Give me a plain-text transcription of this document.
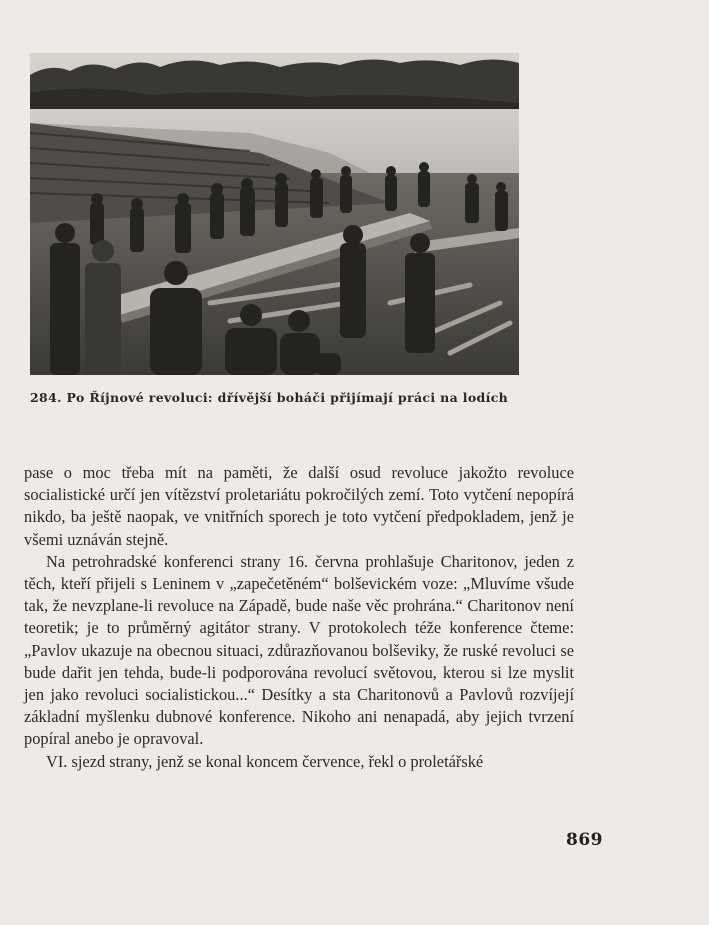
284. Po Říjnové revoluci: dřívější boháči přijímají práci na lodích

pase o moc třeba mít na paměti, že další osud revoluce jakožto revoluce socialistické určí jen vítězství proletariátu pokročilých zemí. Toto vytčení nepopírá nikdo, ba ještě naopak, ve vnitřních sporech je toto vytčení předpokladem, jenž je všemi uznáván stejně.

Na petrohradské konferenci strany 16. června prohlašuje Charitonov, jeden z těch, kteří přijeli s Leninem v „zapečetěném“ bolševickém voze: „Mluvíme všude tak, že nevzplane-li revoluce na Západě, bude naše věc prohrána.“ Charitonov není teoretik; je to průměrný agitátor strany. V protokolech téže konference čteme: „Pavlov ukazuje na obecnou situaci, zdůrazňovanou bolševiky, že ruské revoluci se bude dařit jen tehda, bude-li podporována revolucí světovou, kterou si lze myslit jen jako revoluci socialistickou...“ Desítky a sta Charitonovů a Pavlovů rozvíjejí základní myšlenku dubnové konference. Nikoho ani nenapadá, aby jejich tvrzení popíral anebo je opravoval.

VI. sjezd strany, jenž se konal koncem července, řekl o proletářské

869
